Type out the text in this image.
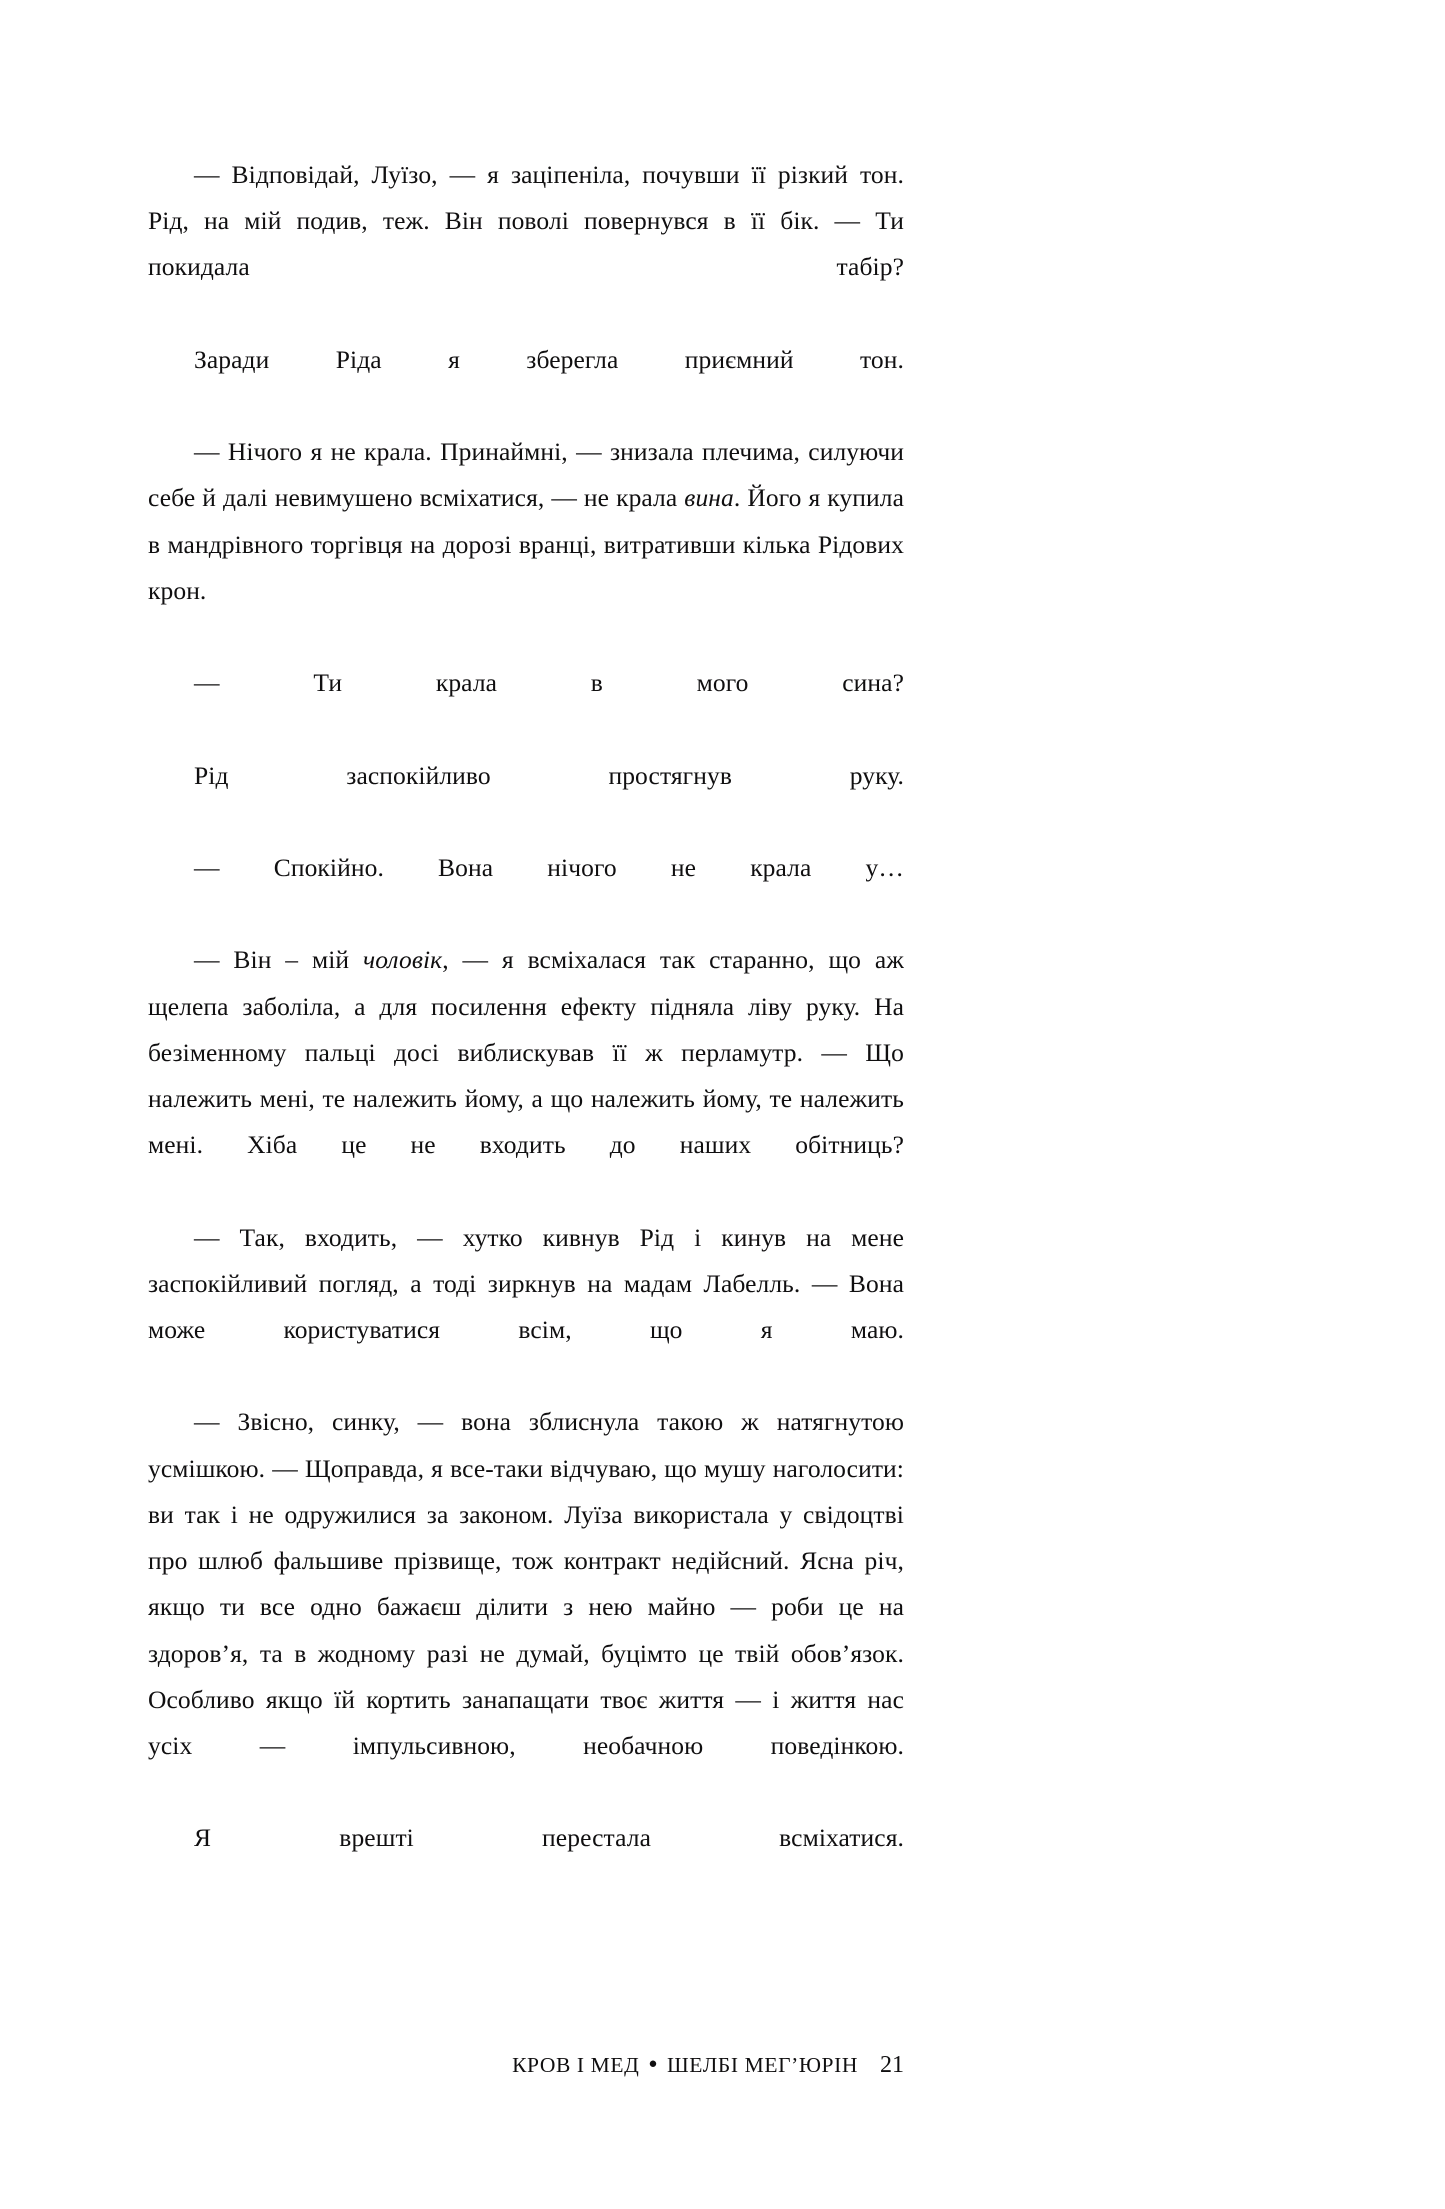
— Відповідай, Луїзо, — я заціпеніла, почувши її різкий тон. Рід, на мій подив, теж. Він поволі повернувся в її бік. — Ти покидала табір?

Заради Ріда я зберегла приємний тон.

— Нічого я не крала. Принаймні, — знизала плечима, силуючи себе й далі невимушено всміхатися, — не крала вина. Його я купила в мандрівного торгівця на дорозі вранці, витративши кілька Рідових крон.

— Ти крала в мого сина?

Рід заспокійливо простягнув руку.

— Спокійно. Вона нічого не крала у…

— Він – мій чоловік, — я всміхалася так старанно, що аж щелепа заболіла, а для посилення ефекту підняла ліву руку. На безіменному пальці досі виблискував її ж перламутр. — Що належить мені, те належить йому, а що належить йому, те належить мені. Хіба це не входить до наших обітниць?

— Так, входить, — хутко кивнув Рід і кинув на мене заспокійливий погляд, а тоді зиркнув на мадам Лабелль. — Вона може користуватися всім, що я маю.

— Звісно, синку, — вона зблиснула такою ж натягнутою усмішкою. — Щоправда, я все-таки відчуваю, що мушу наголосити: ви так і не одружилися за законом. Луїза використала у свідоцтві про шлюб фальшиве прізвище, тож контракт недійсний. Ясна річ, якщо ти все одно бажаєш ділити з нею майно — роби це на здоров’я, та в жодному разі не думай, буцімто це твій обов’язок. Особливо якщо їй кортить занапащати твоє життя — і життя нас усіх — імпульсивною, необачною поведінкою.

Я врешті перестала всміхатися.

КРОВ І МЕД ● ШЕЛБІ МЕГ’ЮРІН 21
